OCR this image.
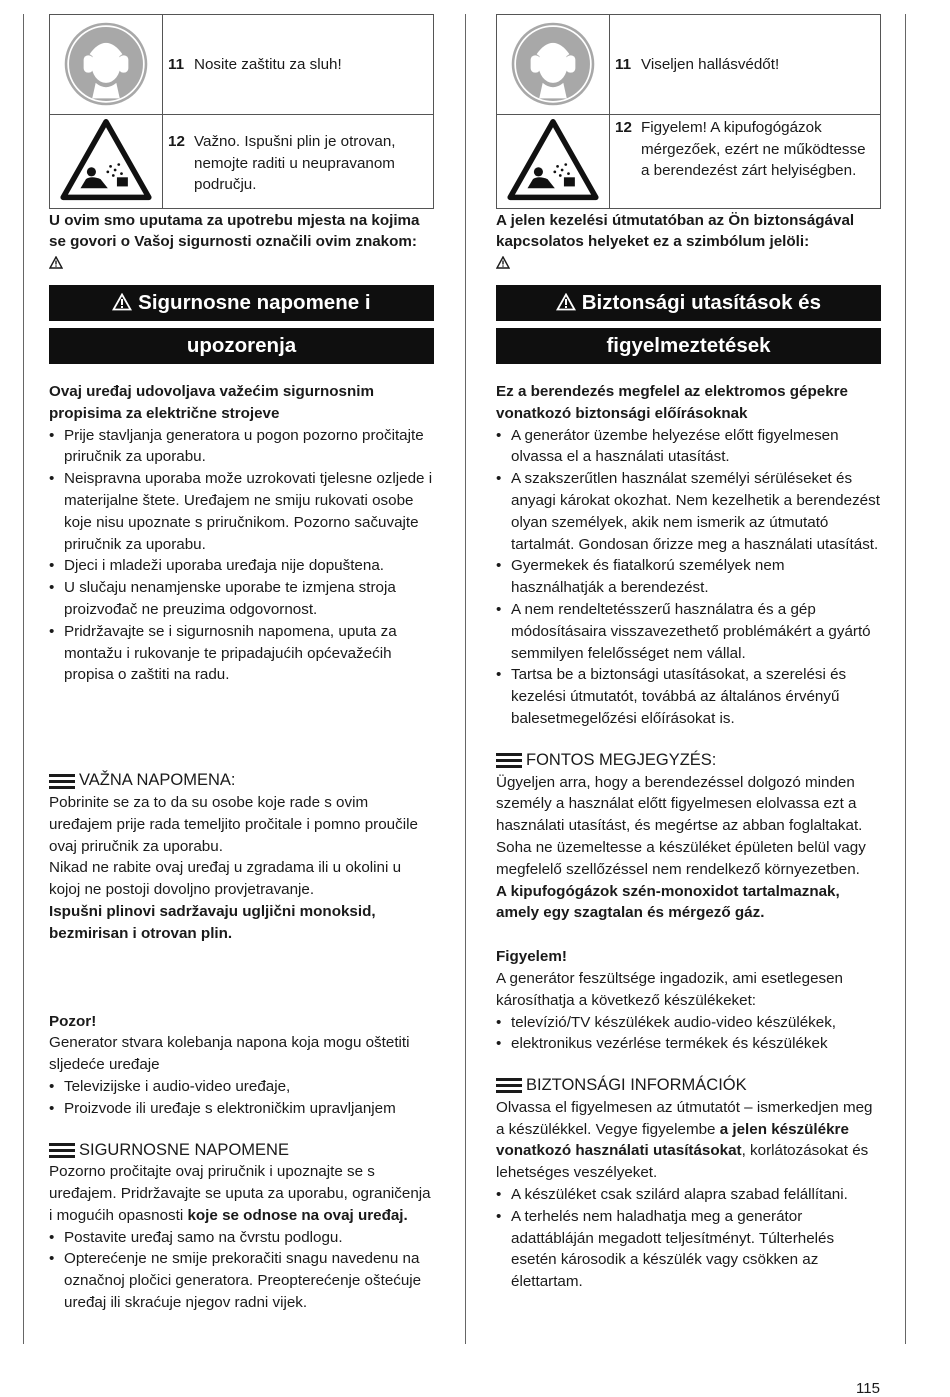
11 Nosite zaštitu za sluh!

12 Važno. Ispušni plin je otrovan, nemojte raditi u neupravanom području.

U ovim smo uputama za upotrebu mjesta na kojima se govori o Vašoj sigurnosti označili ovim znakom:

Sigurnosne napomene i
upozorenja

Ovaj uređaj udovoljava važećim sigurnosnim propisima za električne strojeve

• Prije stavljanja generatora u pogon pozorno pročitajte priručnik za uporabu.
• Neispravna uporaba može uzrokovati tjelesne ozljede i materijalne štete. Uređajem ne smiju rukovati osobe koje nisu upoznate s priručnikom. Pozorno sačuvajte priručnik za uporabu.
• Djeci i mladeži uporaba uređaja nije dopuštena.
• U slučaju nenamjenske uporabe te izmjena stroja proizvođač ne preuzima odgovornost.
• Pridržavajte se i sigurnosnih napomena, uputa za montažu i rukovanje te pripadajućih općevažećih propisa o zaštiti na radu.
VAŽNA NAPOMENA:

Pobrinite se za to da su osobe koje rade s ovim uređajem prije rada temeljito pročitale i pomno proučile ovaj priručnik za uporabu.

Nikad ne rabite ovaj uređaj u zgradama ili u okolini u kojoj ne postoji dovoljno provjetravanje.

Ispušni plinovi sadržavaju ugljični monoksid, bezmirisan i otrovan plin.

Pozor!

Generator stvara kolebanja napona koja mogu oštetiti sljedeće uređaje

• Televizijske i audio-video uređaje,
• Proizvode ili uređaje s elektroničkim upravljanjem
SIGURNOSNE NAPOMENE

Pozorno pročitajte ovaj priručnik i upoznajte se s uređajem. Pridržavajte se uputa za uporabu, ograničenja i mogućih opasnosti koje se odnose na ovaj uređaj.

• Postavite uređaj samo na čvrstu podlogu.
• Opterećenje ne smije prekoračiti snagu navedenu na označnoj pločici generatora. Preopterećenje oštećuje uređaj ili skraćuje njegov radni vijek.

11 Viseljen hallásvédőt!

12 Figyelem! A kipufogógázok mérgezőek, ezért ne működtesse a berendezést zárt helyiségben.

A jelen kezelési útmutatóban az Ön biztonságával kapcsolatos helyeket ez a szimbólum jelöli:

Biztonsági utasítások és
figyelmeztetések

Ez a berendezés megfelel az elektromos gépekre vonatkozó biztonsági előírásoknak

• A generátor üzembe helyezése előtt figyelmesen olvassa el a használati utasítást.
• A szakszerűtlen használat személyi sérüléseket és anyagi károkat okozhat. Nem kezelhetik a berendezést olyan személyek, akik nem ismerik az útmutató tartalmát. Gondosan őrizze meg a használati utasítást.
• Gyermekek és fiatalkorú személyek nem használhatják a berendezést.
• A nem rendeltetésszerű használatra és a gép módosításaira visszavezethető problémákért a gyártó semmilyen felelősséget nem vállal.
• Tartsa be a biztonsági utasításokat, a szerelési és kezelési útmutatót, továbbá az általános érvényű balesetmegelőzési előírásokat is.
FONTOS MEGJEGYZÉS:

Ügyeljen arra, hogy a berendezéssel dolgozó minden személy a használat előtt figyelmesen elolvassa ezt a használati utasítást, és megértse az abban foglaltakat.

Soha ne üzemeltesse a készüléket épületen belül vagy megfelelő szellőzéssel nem rendelkező környezetben.

A kipufogógázok szén-monoxidot tartalmaznak, amely egy szagtalan és mérgező gáz.

Figyelem!

A generátor feszültsége ingadozik, ami esetlegesen károsíthatja a következő készülékeket:

• televízió/TV készülékek audio-video készülékek,
• elektronikus vezérlése termékek és készülékek
BIZTONSÁGI INFORMÁCIÓK

Olvassa el figyelmesen az útmutatót – ismerkedjen meg a készülékkel. Vegye figyelembe a jelen készülékre vonatkozó használati utasításokat, korlátozásokat és lehetséges veszélyeket.

• A készüléket csak szilárd alapra szabad felállítani.
• A terhelés nem haladhatja meg a generátor adattábláján megadott teljesítményt. Túlterhelés esetén károsodik a készülék vagy csökken az élettartam.
115
